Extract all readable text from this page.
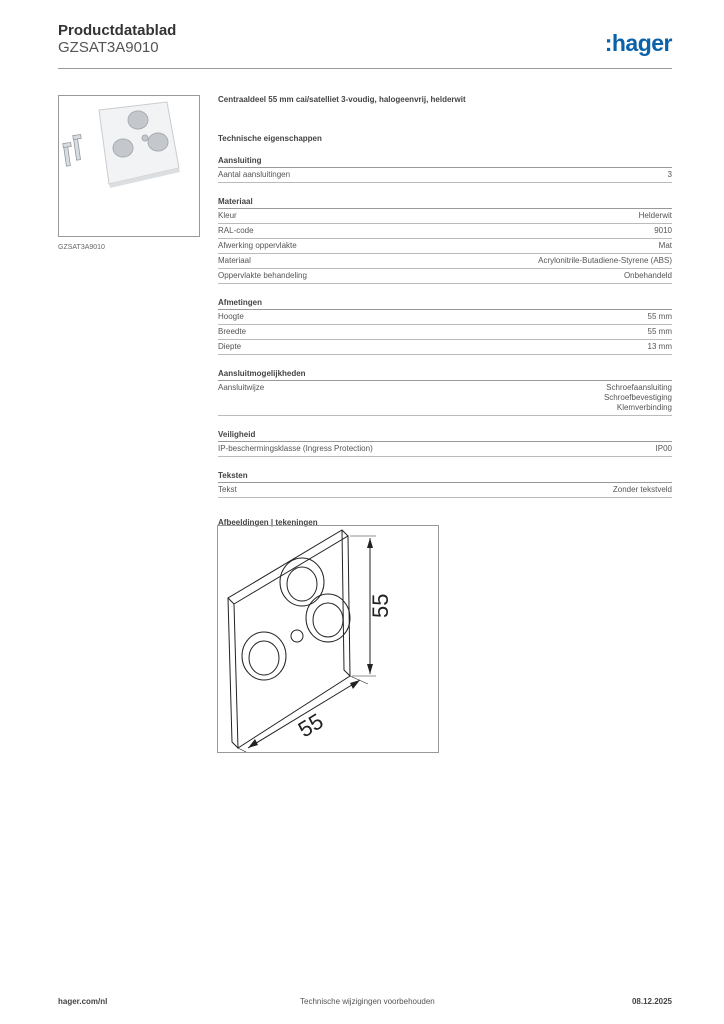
Productdatablad
GZSAT3A9010	:hager
GZSAT3A9010
Centraaldeel 55 mm cai/satelliet 3-voudig, halogeenvrij, helderwit
Technische eigenschappen
Aansluiting
Aantal aansluitingen	3
Materiaal
Kleur	Helderwit
RAL-code	9010
Afwerking oppervlakte	Mat
Materiaal	Acrylonitrile-Butadiene-Styrene (ABS)
Oppervlakte behandeling	Onbehandeld
Afmetingen
Hoogte	55 mm
Breedte	55 mm
Diepte	13 mm
Aansluitmogelijkheden
Aansluitwijze	Schroefaansluiting
Schroefbevestiging
Klemverbinding
Veiligheid
IP-beschermingsklasse (Ingress Protection)	IP00
Teksten
Tekst	Zonder tekstveld
Afbeeldingen | tekeningen
55
55
hager.com/nl	Technische wijzigingen voorbehouden	08.12.2025
